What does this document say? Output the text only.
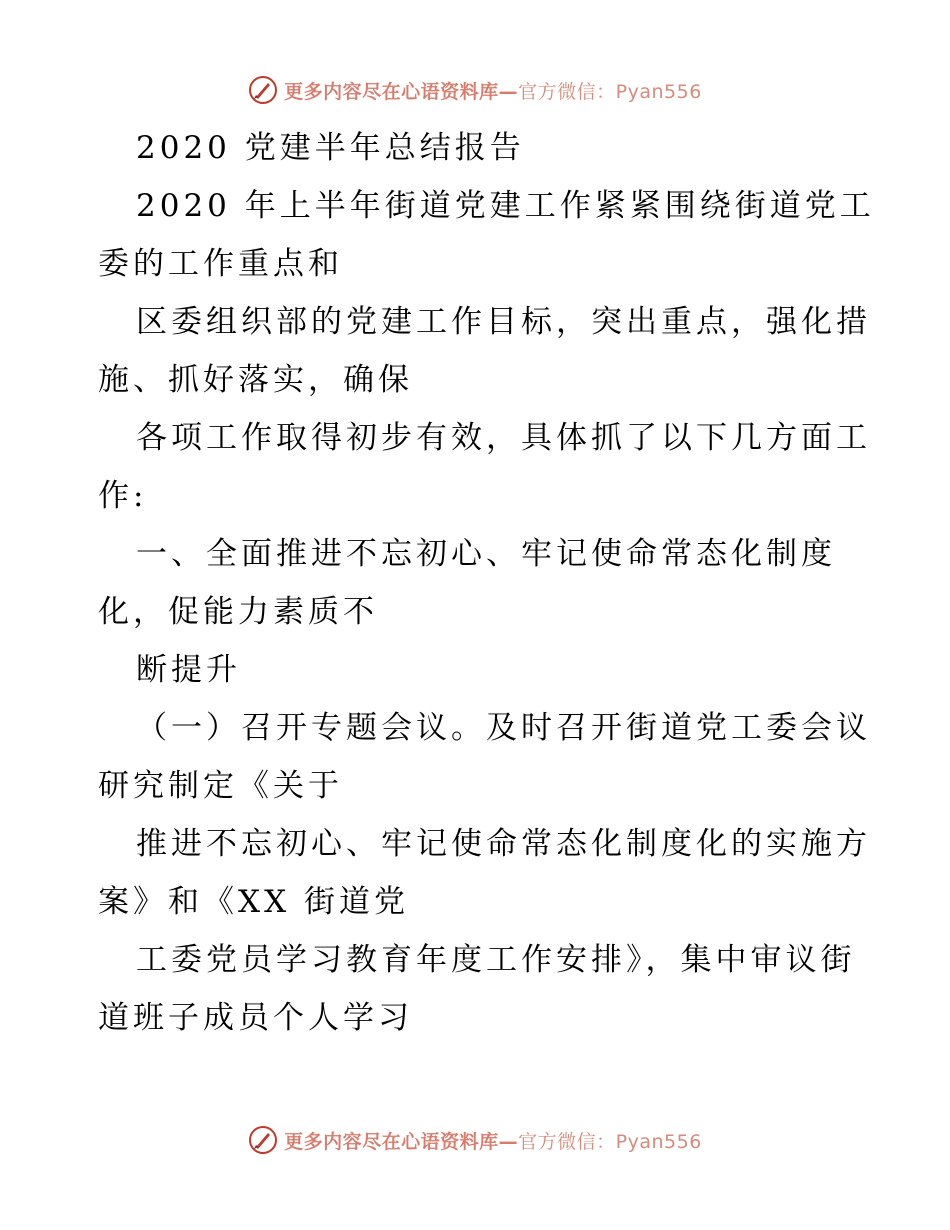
更多内容尽在心语资料库—官方微信：Pyan556
2020 党建半年总结报告
2020 年上半年街道党建工作紧紧围绕街道党工
委的工作重点和
区委组织部的党建工作目标，突出重点，强化措
施、抓好落实，确保
各项工作取得初步有效，具体抓了以下几方面工
作:
一、全面推进不忘初心、牢记使命常态化制度
化，促能力素质不
断提升
（一）召开专题会议。及时召开街道党工委会议
研究制定《关于
推进不忘初心、牢记使命常态化制度化的实施方
案》和《XX 街道党
工委党员学习教育年度工作安排》，集中审议街
道班子成员个人学习
更多内容尽在心语资料库—官方微信：Pyan556
